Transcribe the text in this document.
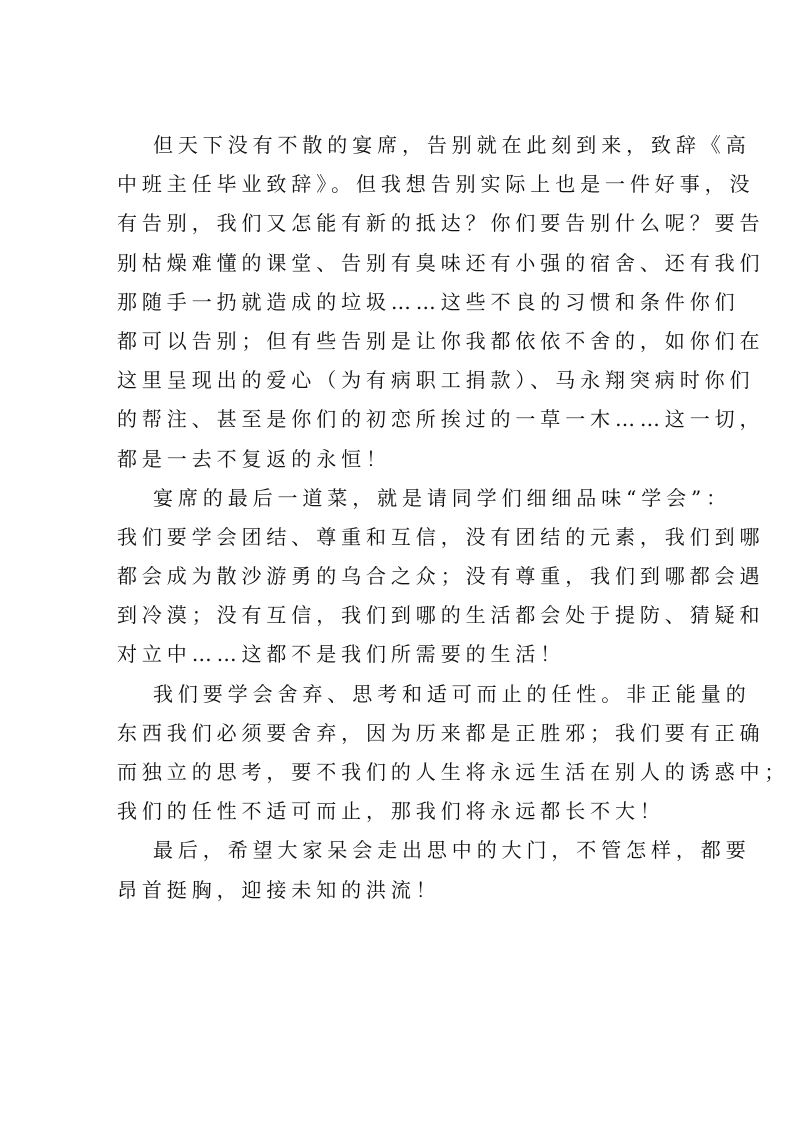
但天下没有不散的宴席，告别就在此刻到来，致辞《高
中班主任毕业致辞》。但我想告别实际上也是一件好事，没
有告别，我们又怎能有新的抵达？你们要告别什么呢？要告
别枯燥难懂的课堂、告别有臭味还有小强的宿舍、还有我们
那随手一扔就造成的垃圾……这些不良的习惯和条件你们
都可以告别；但有些告别是让你我都依依不舍的，如你们在
这里呈现出的爱心（为有病职工捐款）、马永翔突病时你们
的帮注、甚至是你们的初恋所挨过的一草一木……这一切，
都是一去不复返的永恒！
宴席的最后一道菜，就是请同学们细细品味“学会”：
我们要学会团结、尊重和互信，没有团结的元素，我们到哪
都会成为散沙游勇的乌合之众；没有尊重，我们到哪都会遇
到冷漠；没有互信，我们到哪的生活都会处于提防、猜疑和
对立中……这都不是我们所需要的生活！
我们要学会舍弃、思考和适可而止的任性。非正能量的
东西我们必须要舍弃，因为历来都是正胜邪；我们要有正确
而独立的思考，要不我们的人生将永远生活在别人的诱惑中；
我们的任性不适可而止，那我们将永远都长不大！
最后，希望大家呆会走出思中的大门，不管怎样，都要
昂首挺胸，迎接未知的洪流！
